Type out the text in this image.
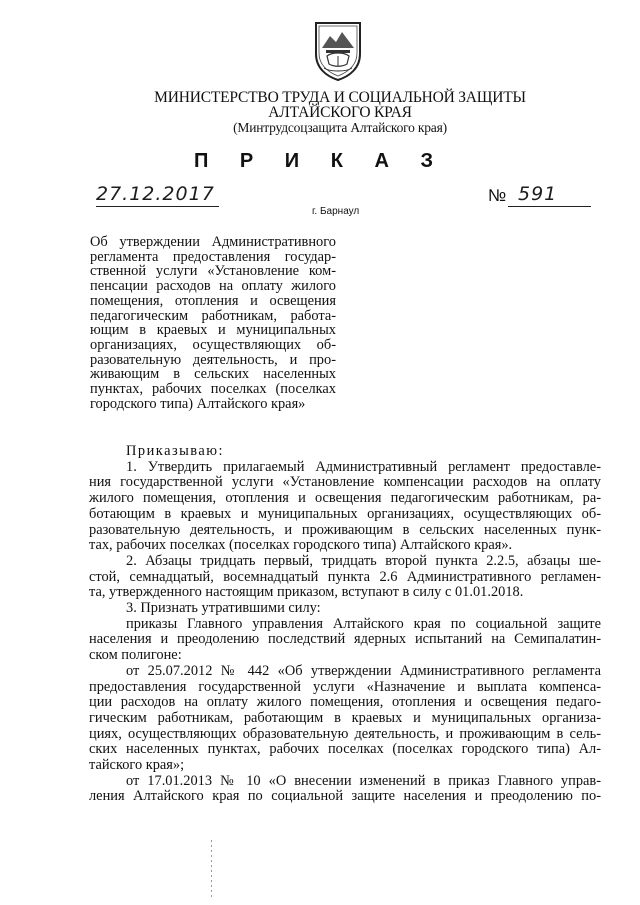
МИНИСТЕРСТВО ТРУДА И СОЦИАЛЬНОЙ ЗАЩИТЫ
АЛТАЙСКОГО КРАЯ
(Минтрудсоцзащита Алтайского края)
П Р И К А З
27.12.2017	№ 591
г. Барнаул
Об утверждении Административного
регламента предоставления государ-
ственной услуги «Установление ком-
пенсации расходов на оплату жилого
помещения, отопления и освещения
педагогическим работникам, работа-
ющим в краевых и муниципальных
организациях, осуществляющих об-
разовательную деятельность, и про-
живающим в сельских населенных
пунктах, рабочих поселках (поселках
городского типа) Алтайского края»
Приказываю:
1. Утвердить прилагаемый Административный регламент предоставле-
ния государственной услуги «Установление компенсации расходов на оплату
жилого помещения, отопления и освещения педагогическим работникам, ра-
ботающим в краевых и муниципальных организациях, осуществляющих об-
разовательную деятельность, и проживающим в сельских населенных пунк-
тах, рабочих поселках (поселках городского типа) Алтайского края».
2. Абзацы тридцать первый, тридцать второй пункта 2.2.5, абзацы ше-
стой, семнадцатый, восемнадцатый пункта 2.6 Административного регламен-
та, утвержденного настоящим приказом, вступают в силу с 01.01.2018.
3. Признать утратившими силу:
приказы Главного управления Алтайского края по социальной защите
населения и преодолению последствий ядерных испытаний на Семипалатин-
ском полигоне:
от 25.07.2012 № 442 «Об утверждении Административного регламента
предоставления государственной услуги «Назначение и выплата компенса-
ции расходов на оплату жилого помещения, отопления и освещения педаго-
гическим работникам, работающим в краевых и муниципальных организа-
циях, осуществляющих образовательную деятельность, и проживающим в сель-
ских населенных пунктах, рабочих поселках (поселках городского типа) Ал-
тайского края»;
от 17.01.2013 № 10 «О внесении изменений в приказ Главного управ-
ления Алтайского края по социальной защите населения и преодолению по-
